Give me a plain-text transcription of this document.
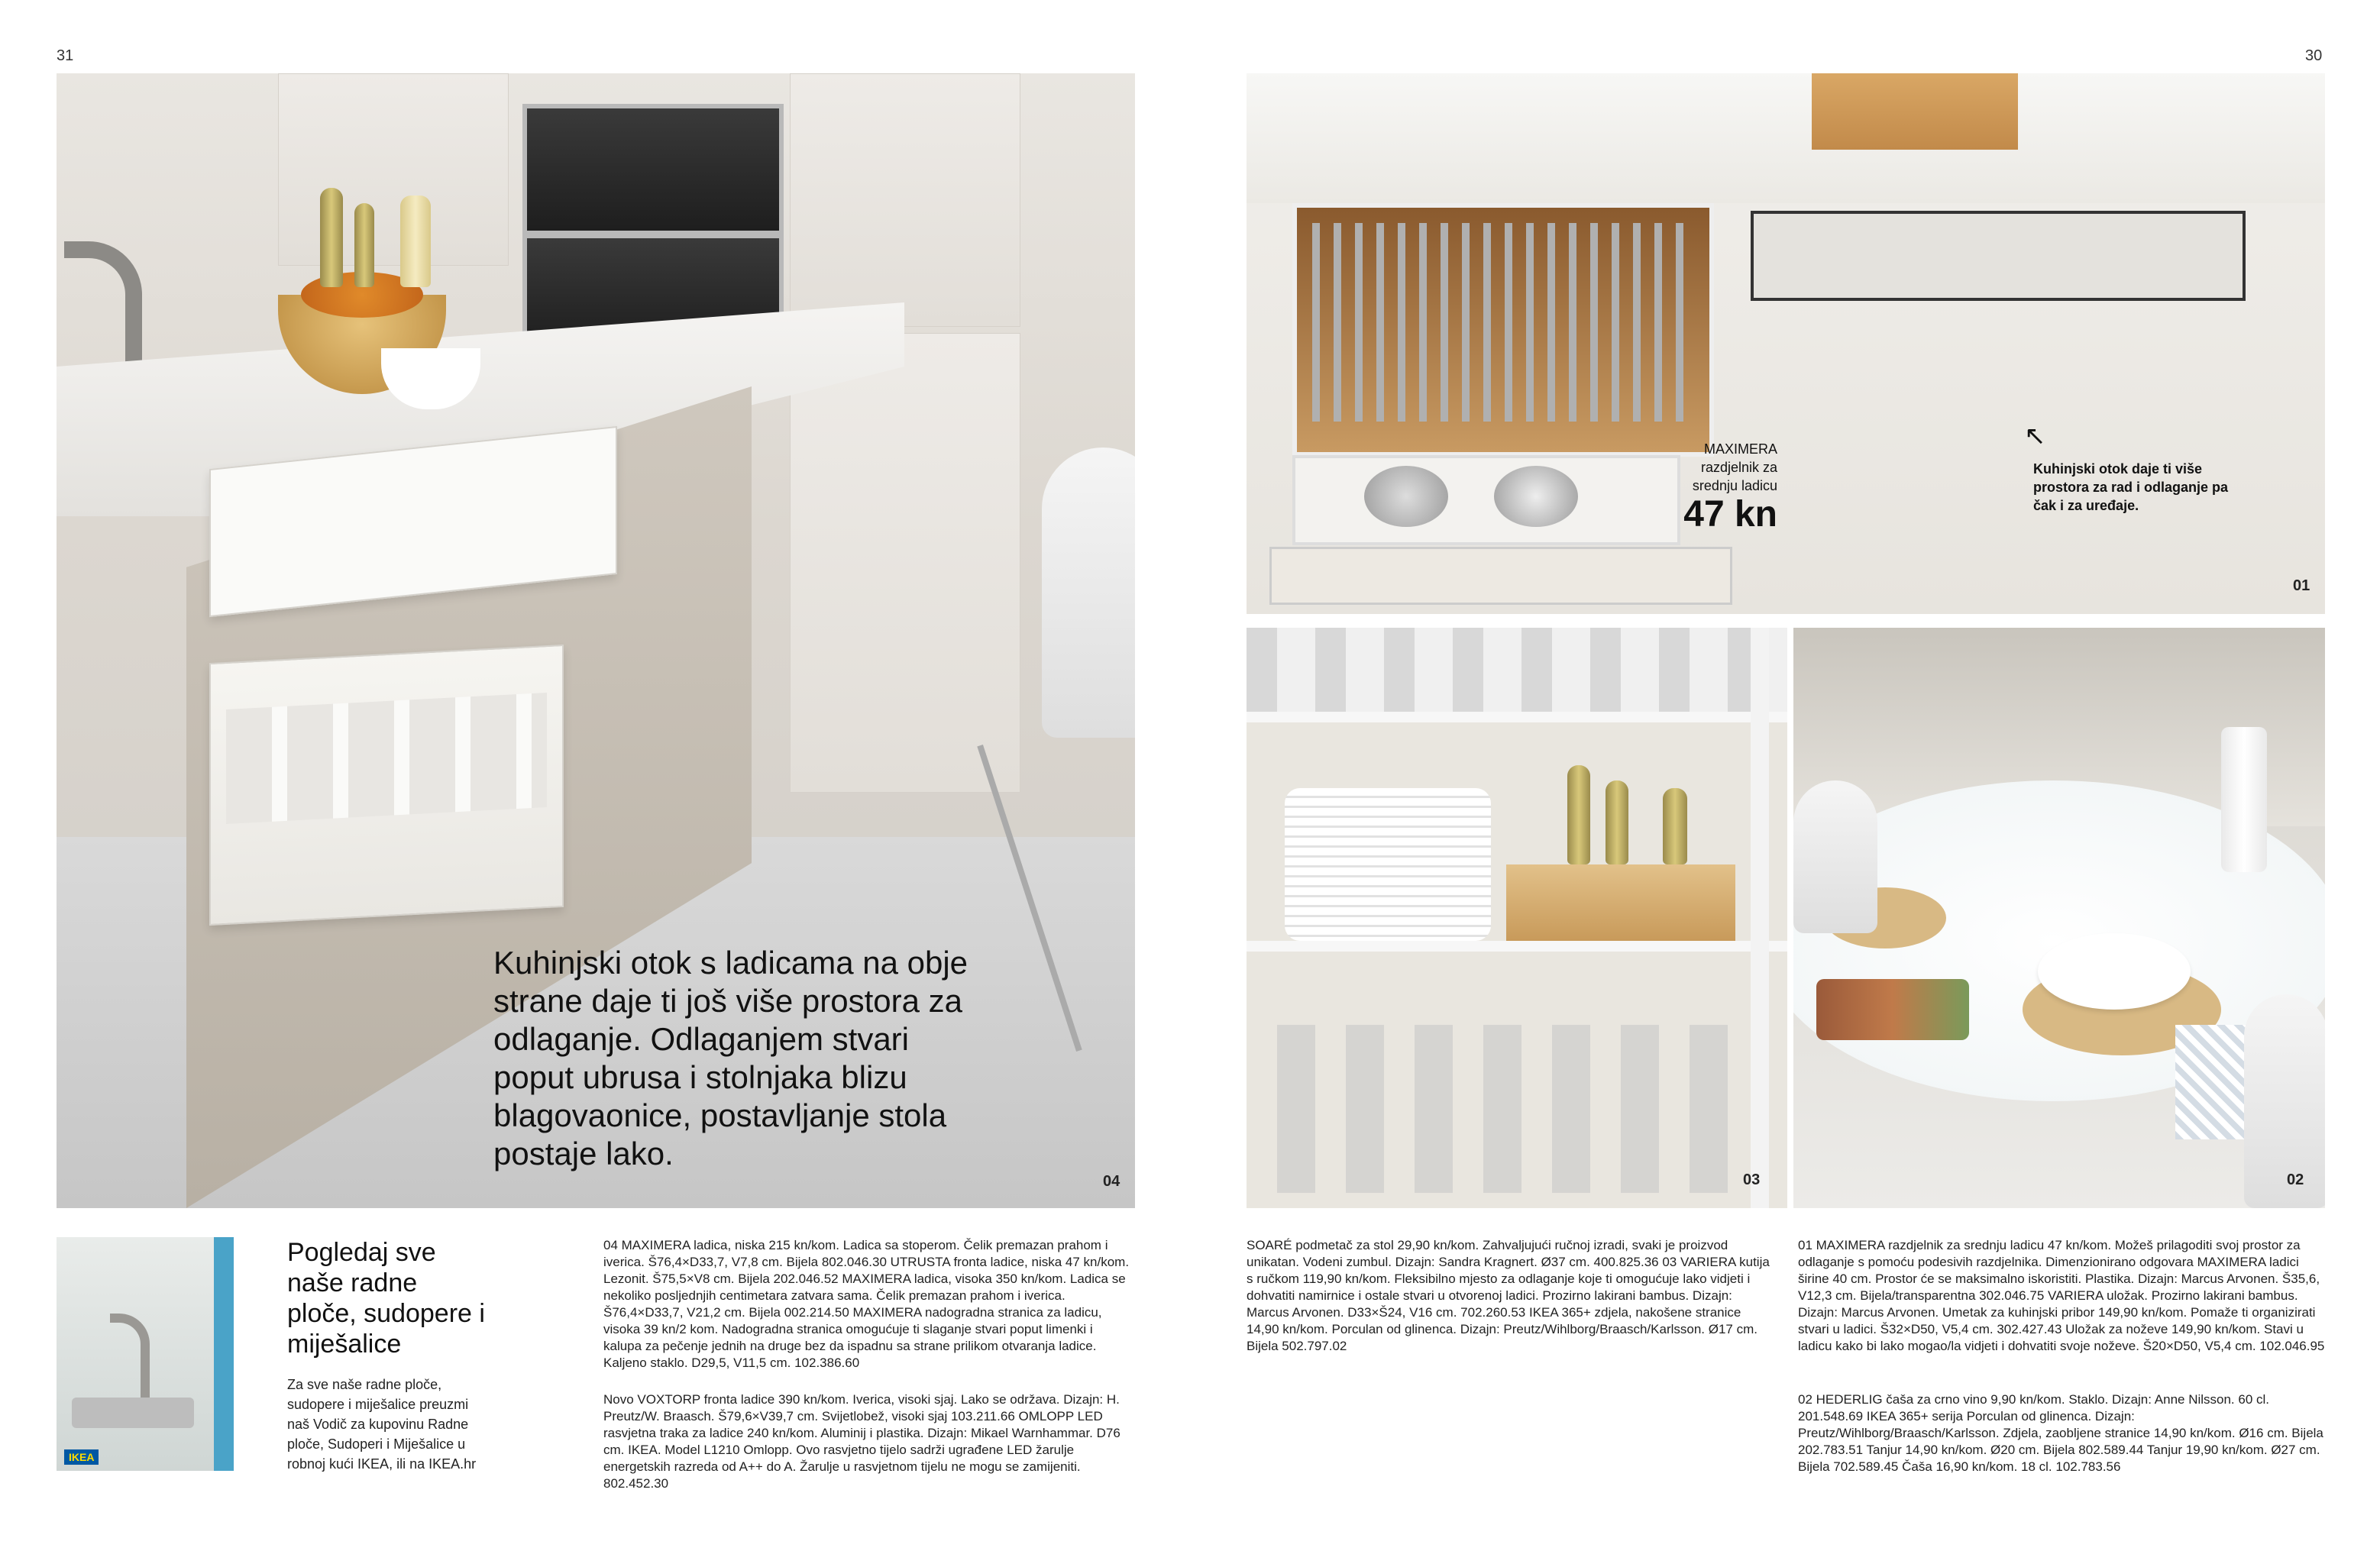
31	30
Kuhinjski otok s ladicama na obje strane daje ti još više prostora za odlaganje. Odlaganjem stvari poput ubrusa i stolnjaka blizu blagovaonice, postavljanje stola postaje lako.
04
IKEA
Pogledaj sve naše radne ploče, sudopere i miješalice
Za sve naše radne ploče, sudopere i miješalice preuzmi naš Vodič za kupovinu Radne ploče, Sudoperi i Miješalice u robnoj kući IKEA, ili na IKEA.hr
04 MAXIMERA ladica, niska 215 kn/kom. Ladica sa stoperom. Čelik premazan prahom i iverica. Š76,4×D33,7, V7,8 cm. Bijela 802.046.30 UTRUSTA fronta ladice, niska 47 kn/kom. Lezonit. Š75,5×V8 cm. Bijela 202.046.52 MAXIMERA ladica, visoka 350 kn/kom. Ladica se nekoliko posljednjih centimetara zatvara sama. Čelik premazan prahom i iverica. Š76,4×D33,7, V21,2 cm. Bijela 002.214.50 MAXIMERA nadogradna stranica za ladicu, visoka 39 kn/2 kom. Nadogradna stranica omogućuje ti slaganje stvari poput limenki i kalupa za pečenje jednih na druge bez da ispadnu sa strane prilikom otvaranja ladice. Kaljeno staklo. D29,5, V11,5 cm. 102.386.60
Novo VOXTORP fronta ladice 390 kn/kom. Iverica, visoki sjaj. Lako se održava. Dizajn: H. Preutz/W. Braasch. Š79,6×V39,7 cm. Svijetlobež, visoki sjaj 103.211.66 OMLOPP LED rasvjetna traka za ladice 240 kn/kom. Aluminij i plastika. Dizajn: Mikael Warnhammar. D76 cm. IKEA. Model L1210 Omlopp. Ovo rasvjetno tijelo sadrži ugrađene LED žarulje energetskih razreda od A++ do A. Žarulje u rasvjetnom tijelu ne mogu se zamijeniti. 802.452.30
MAXIMERA razdjelnik za srednju ladicu
47 kn
↖
Kuhinjski otok daje ti više prostora za rad i odlaganje pa čak i za uređaje.
01
03	02
SOARÉ podmetač za stol 29,90 kn/kom. Zahvaljujući ručnoj izradi, svaki je proizvod unikatan. Vodeni zumbul. Dizajn: Sandra Kragnert. Ø37 cm. 400.825.36 03 VARIERA kutija s ručkom 119,90 kn/kom. Fleksibilno mjesto za odlaganje koje ti omogućuje lako vidjeti i dohvatiti namirnice i ostale stvari u otvorenoj ladici. Prozirno lakirani bambus. Dizajn: Marcus Arvonen. D33×Š24, V16 cm. 702.260.53 IKEA 365+ zdjela, nakošene stranice 14,90 kn/kom. Porculan od glinenca. Dizajn: Preutz/Wihlborg/Braasch/Karlsson. Ø17 cm. Bijela 502.797.02
01 MAXIMERA razdjelnik za srednju ladicu 47 kn/kom. Možeš prilagoditi svoj prostor za odlaganje s pomoću podesivih razdjelnika. Dimenzionirano odgovara MAXIMERA ladici širine 40 cm. Prostor će se maksimalno iskoristiti. Plastika. Dizajn: Marcus Arvonen. Š35,6, V12,3 cm. Bijela/transparentna 302.046.75 VARIERA uložak. Prozirno lakirani bambus. Dizajn: Marcus Arvonen. Umetak za kuhinjski pribor 149,90 kn/kom. Pomaže ti organizirati stvari u ladici. Š32×D50, V5,4 cm. 302.427.43 Uložak za noževe 149,90 kn/kom. Stavi u ladicu kako bi lako mogao/la vidjeti i dohvatiti svoje noževe. Š20×D50, V5,4 cm. 102.046.95
02 HEDERLIG čaša za crno vino 9,90 kn/kom. Staklo. Dizajn: Anne Nilsson. 60 cl. 201.548.69 IKEA 365+ serija Porculan od glinenca. Dizajn: Preutz/Wihlborg/Braasch/Karlsson. Zdjela, zaobljene stranice 14,90 kn/kom. Ø16 cm. Bijela 202.783.51 Tanjur 14,90 kn/kom. Ø20 cm. Bijela 802.589.44 Tanjur 19,90 kn/kom. Ø27 cm. Bijela 702.589.45 Čaša 16,90 kn/kom. 18 cl. 102.783.56
